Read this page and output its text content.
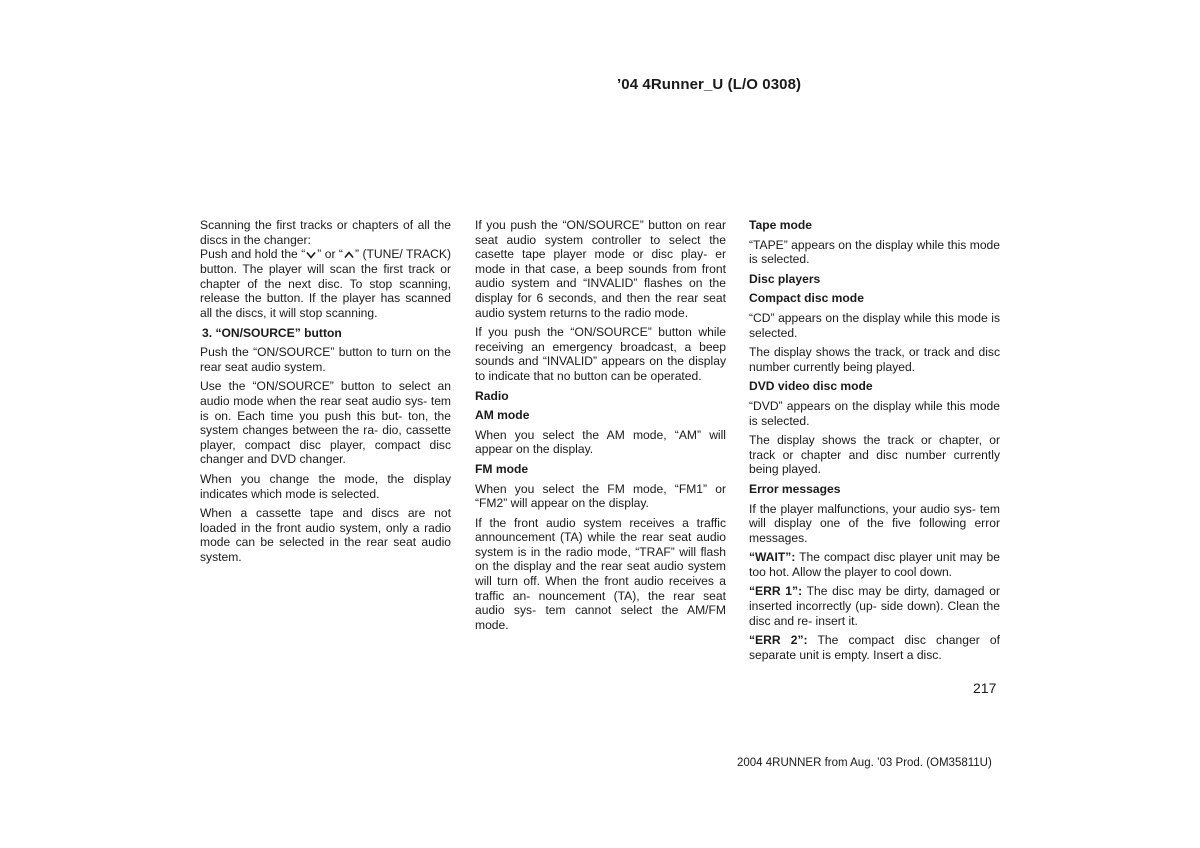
’04 4Runner_U (L/O 0308)
Scanning the first tracks or chapters of all the discs in the changer:
Push and hold the “ ” or “ ” (TUNE/ TRACK) button. The player will scan the first track or chapter of the next disc. To stop scanning, release the button. If the player has scanned all the discs, it will stop scanning.
3. “ON/SOURCE” button
Push the “ON/SOURCE” button to turn on the rear seat audio system.
Use the “ON/SOURCE” button to select an audio mode when the rear seat audio sys- tem is on. Each time you push this but- ton, the system changes between the ra- dio, cassette player, compact disc player, compact disc changer and DVD changer.
When you change the mode, the display indicates which mode is selected.
When a cassette tape and discs are not loaded in the front audio system, only a radio mode can be selected in the rear seat audio system.
If you push the “ON/SOURCE” button on rear seat audio system controller to select the casette tape player mode or disc play- er mode in that case, a beep sounds from front audio system and “INVALID” flashes on the display for 6 seconds, and then the rear seat audio system returns to the radio mode.
If you push the “ON/SOURCE” button while receiving an emergency broadcast, a beep sounds and “INVALID” appears on the display to indicate that no button can be operated.
Radio
AM mode
When you select the AM mode, “AM” will appear on the display.
FM mode
When you select the FM mode, “FM1” or “FM2” will appear on the display.
If the front audio system receives a traffic announcement (TA) while the rear seat audio system is in the radio mode, “TRAF” will flash on the display and the rear seat audio system will turn off. When the front audio receives a traffic an- nouncement (TA), the rear seat audio sys- tem cannot select the AM/FM mode.
Tape mode
“TAPE” appears on the display while this mode is selected.
Disc players
Compact disc mode
“CD” appears on the display while this mode is selected.
The display shows the track, or track and disc number currently being played.
DVD video disc mode
“DVD” appears on the display while this mode is selected.
The display shows the track or chapter, or track or chapter and disc number currently being played.
Error messages
If the player malfunctions, your audio sys- tem will display one of the five following error messages.
“WAIT”: The compact disc player unit may be too hot. Allow the player to cool down.
“ERR 1”: The disc may be dirty, damaged or inserted incorrectly (up- side down). Clean the disc and re- insert it.
“ERR 2”: The compact disc changer of separate unit is empty. Insert a disc.
217
2004 4RUNNER from Aug. ’03 Prod. (OM35811U)
